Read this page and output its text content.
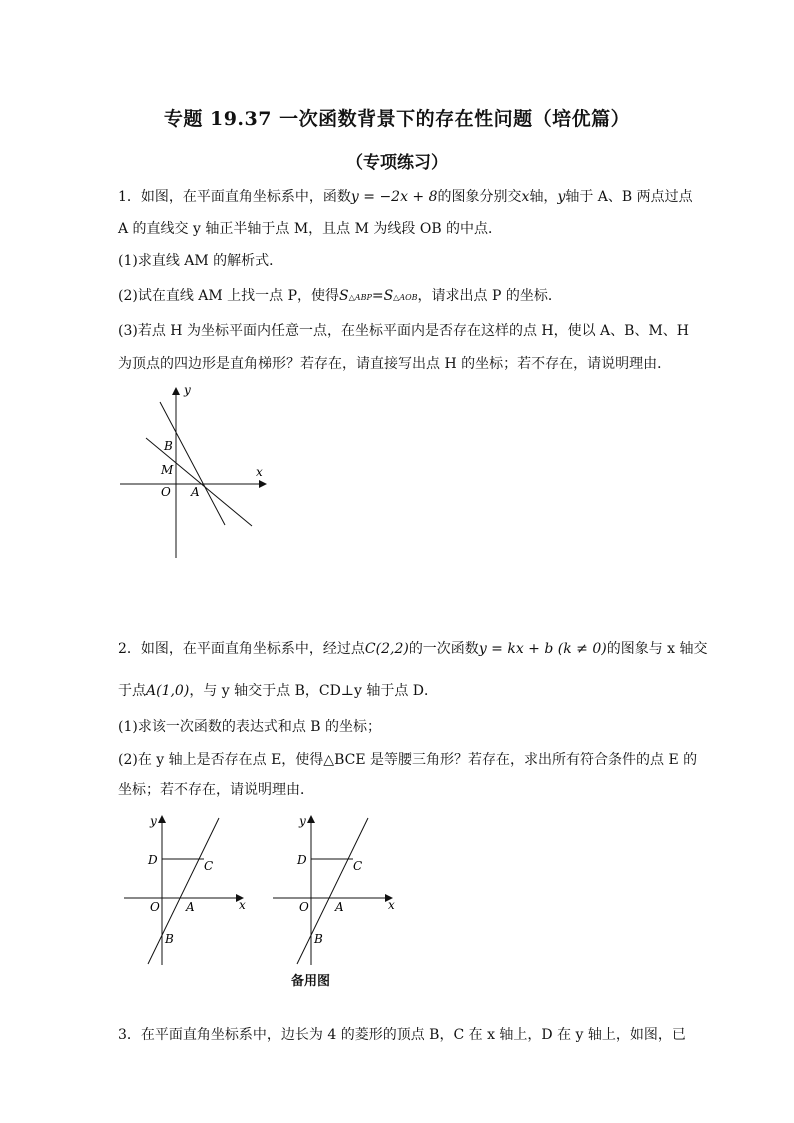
专题 19.37 一次函数背景下的存在性问题（培优篇）
（专项练习）
1．如图，在平面直角坐标系中，函数y = −2x + 8的图象分别交x轴，y轴于 A、B 两点过点
A 的直线交 y 轴正半轴于点 M，且点 M 为线段 OB 的中点．
(1)求直线 AM 的解析式．
(2)试在直线 AM 上找一点 P，使得S△ABP=S△AOB，请求出点 P 的坐标．
(3)若点 H 为坐标平面内任意一点，在坐标平面内是否存在这样的点 H，使以 A、B、M、H
为顶点的四边形是直角梯形？若存在，请直接写出点 H 的坐标；若不存在，请说明理由．
y
x
B
M
O A
2．如图，在平面直角坐标系中，经过点C(2,2)的一次函数y = kx + b (k ≠ 0)的图象与 x 轴交
于点A(1,0)，与 y 轴交于点 B，CD⊥y 轴于点 D．
(1)求该一次函数的表达式和点 B 的坐标；
(2)在 y 轴上是否存在点 E，使得△BCE 是等腰三角形？若存在，求出所有符合条件的点 E 的
坐标；若不存在，请说明理由．
y
x
D	C
O A
B
y
x
D	C
O A
B
备用图
3．在平面直角坐标系中，边长为 4 的菱形的顶点 B，C 在 x 轴上，D 在 y 轴上，如图，已
